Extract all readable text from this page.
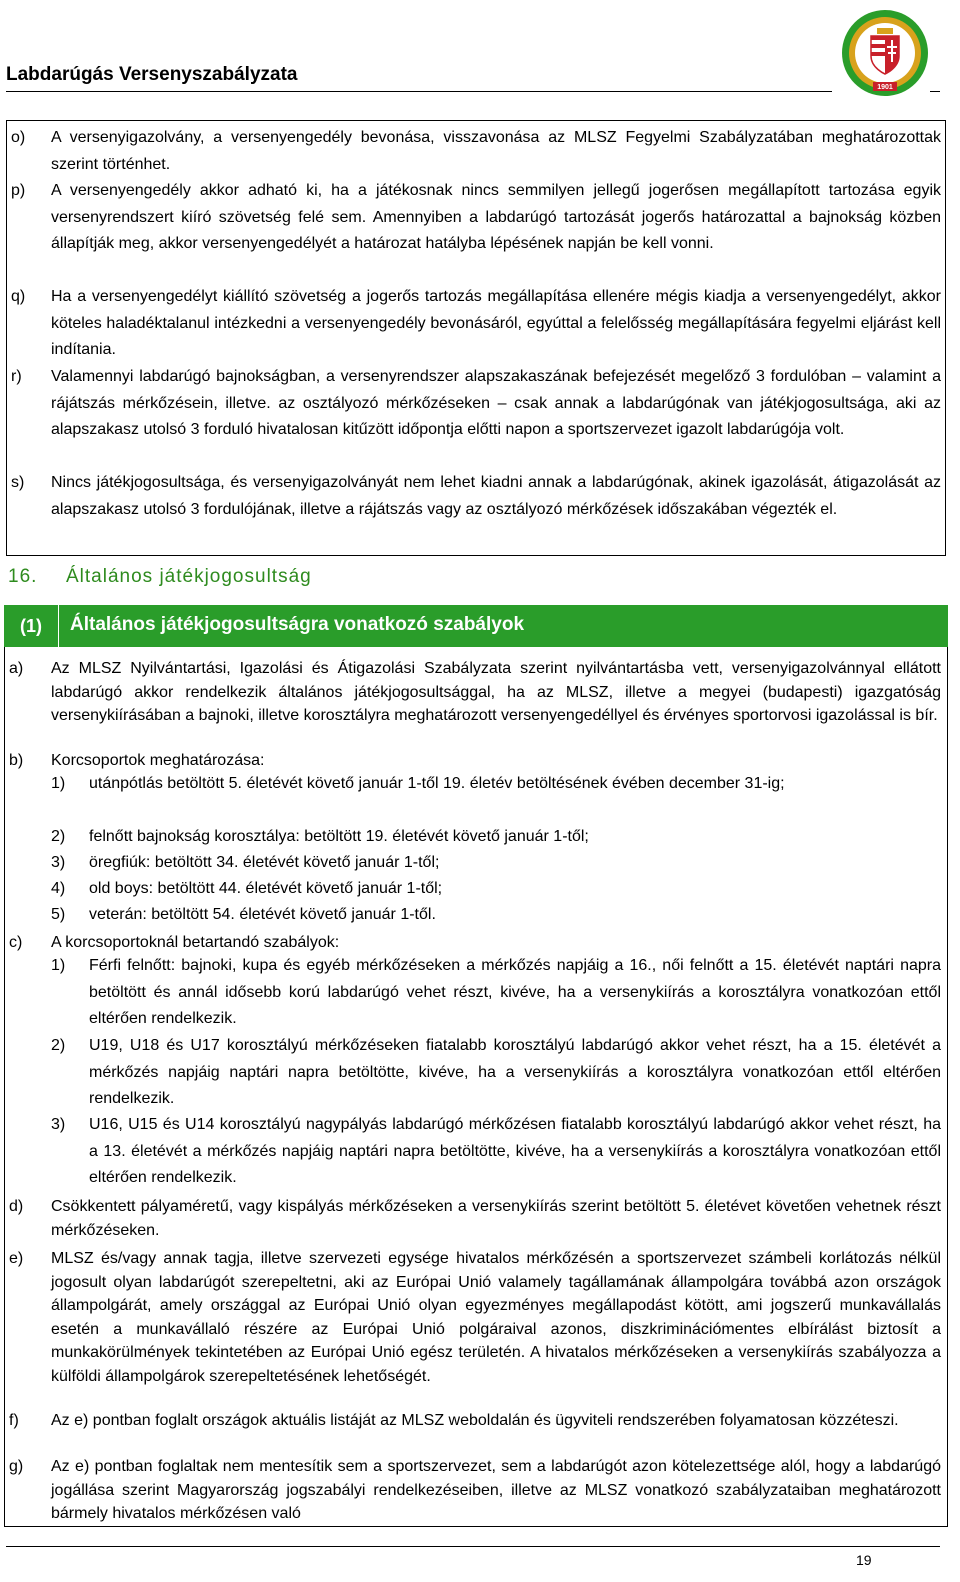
Labdarúgás Versenyszabályzata
1901
o)	A versenyigazolvány, a versenyengedély bevonása, visszavonása az MLSZ Fegyelmi Szabályzatában meghatározottak szerint történhet.
p)	A versenyengedély akkor adható ki, ha a játékosnak nincs semmilyen jellegű jogerősen megállapított tartozása egyik versenyrendszert kiíró szövetség felé sem. Amennyiben a labdarúgó tartozását jogerős határozattal a bajnokság közben állapítják meg, akkor versenyengedélyét a határozat hatályba lépésének napján be kell vonni.
q)	Ha a versenyengedélyt kiállító szövetség a jogerős tartozás megállapítása ellenére mégis kiadja a versenyengedélyt, akkor köteles haladéktalanul intézkedni a versenyengedély bevonásáról, egyúttal a felelősség megállapítására fegyelmi eljárást kell indítania.
r)	Valamennyi labdarúgó bajnokságban, a versenyrendszer alapszakaszának befejezését megelőző 3 fordulóban – valamint a rájátszás mérkőzésein, illetve. az osztályozó mérkőzéseken – csak annak a labdarúgónak van játékjogosultsága, aki az alapszakasz utolsó 3 forduló hivatalosan kitűzött időpontja előtti napon a sportszervezet igazolt labdarúgója volt.
s)	Nincs játékjogosultsága, és versenyigazolványát nem lehet kiadni annak a labdarúgónak, akinek igazolását, átigazolását az alapszakasz utolsó 3 fordulójának, illetve a rájátszás vagy az osztályozó mérkőzések időszakában végezték el.
16. Általános játékjogosultság
(1)	Általános játékjogosultságra vonatkozó szabályok
a)	Az MLSZ Nyilvántartási, Igazolási és Átigazolási Szabályzata szerint nyilvántartásba vett, versenyigazolvánnyal ellátott labdarúgó akkor rendelkezik általános játékjogosultsággal, ha az MLSZ, illetve a megyei (budapesti) igazgatóság versenykiírásában a bajnoki, illetve korosztályra meghatározott versenyengedéllyel és érvényes sportorvosi igazolással is bír.
b)	Korcsoportok meghatározása:
1)	utánpótlás betöltött 5. életévét követő január 1-től 19. életév betöltésének évében december 31-ig;
2)	felnőtt bajnokság korosztálya: betöltött 19. életévét követő január 1-től;
3)	öregfiúk: betöltött 34. életévét követő január 1-től;
4)	old boys: betöltött 44. életévét követő január 1-től;
5)	veterán: betöltött 54. életévét követő január 1-től.
c)	A korcsoportoknál betartandó szabályok:
1)	Férfi felnőtt: bajnoki, kupa és egyéb mérkőzéseken a mérkőzés napjáig a 16., női felnőtt a 15. életévét naptári napra betöltött és annál idősebb korú labdarúgó vehet részt, kivéve, ha a versenykiírás a korosztályra vonatkozóan ettől eltérően rendelkezik.
2)	U19, U18 és U17 korosztályú mérkőzéseken fiatalabb korosztályú labdarúgó akkor vehet részt, ha a 15. életévét a mérkőzés napjáig naptári napra betöltötte, kivéve, ha a versenykiírás a korosztályra vonatkozóan ettől eltérően rendelkezik.
3)	U16, U15 és U14 korosztályú nagypályás labdarúgó mérkőzésen fiatalabb korosztályú labdarúgó akkor vehet részt, ha a 13. életévét a mérkőzés napjáig naptári napra betöltötte, kivéve, ha a versenykiírás a korosztályra vonatkozóan ettől eltérően rendelkezik.
d)	Csökkentett pályaméretű, vagy kispályás mérkőzéseken a versenykiírás szerint betöltött 5. életévet követően vehetnek részt mérkőzéseken.
e)	MLSZ és/vagy annak tagja, illetve szervezeti egysége hivatalos mérkőzésén a sportszervezet számbeli korlátozás nélkül jogosult olyan labdarúgót szerepeltetni, aki az Európai Unió valamely tagállamának állampolgára továbbá azon országok állampolgárát, amely országgal az Európai Unió olyan egyezményes megállapodást kötött, ami jogszerű munkavállalás esetén a munkavállaló részére az Európai Unió polgáraival azonos, diszkriminációmentes elbírálást biztosít a munkakörülmények tekintetében az Európai Unió egész területén. A hivatalos mérkőzéseken a versenykiírás szabályozza a külföldi állampolgárok szerepeltetésének lehetőségét.
f)	Az e) pontban foglalt országok aktuális listáját az MLSZ weboldalán és ügyviteli rendszerében folyamatosan közzéteszi.
g)	Az e) pontban foglaltak nem mentesítik sem a sportszervezet, sem a labdarúgót azon kötelezettsége alól, hogy a labdarúgó jogállása szerint Magyarország jogszabályi rendelkezéseiben, illetve az MLSZ vonatkozó szabályzataiban meghatározott bármely hivatalos mérkőzésen való
19
